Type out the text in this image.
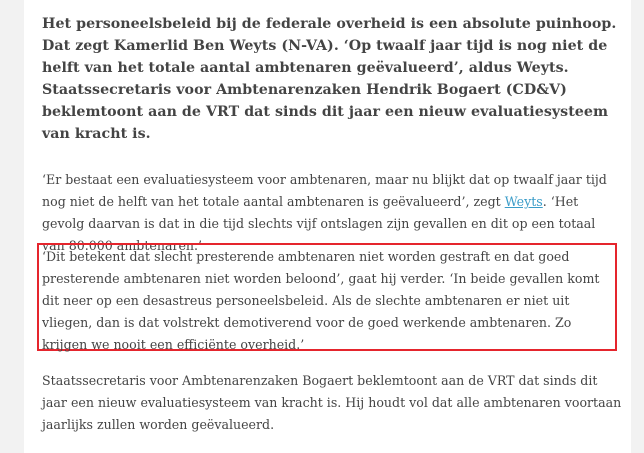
Het personeelsbeleid bij de federale overheid is een absolute puinhoop. Dat zegt Kamerlid Ben Weyts (N-VA). ‘Op twaalf jaar tijd is nog niet de helft van het totale aantal ambtenaren geëvalueerd’, aldus Weyts. Staatssecretaris voor Ambtenarenzaken Hendrik Bogaert (CD&V) beklemtoont aan de VRT dat sinds dit jaar een nieuw evaluatiesysteem van kracht is.

‘Er bestaat een evaluatiesysteem voor ambtenaren, maar nu blijkt dat op twaalf jaar tijd nog niet de helft van het totale aantal ambtenaren is geëvalueerd’, zegt Weyts. ‘Het gevolg daarvan is dat in die tijd slechts vijf ontslagen zijn gevallen en dit op een totaal van 80.000 ambtenaren.’

‘Dit betekent dat slecht presterende ambtenaren niet worden gestraft en dat goed presterende ambtenaren niet worden beloond’, gaat hij verder. ‘In beide gevallen komt dit neer op een desastreus personeelsbeleid. Als de slechte ambtenaren er niet uit vliegen, dan is dat volstrekt demotiverend voor de goed werkende ambtenaren. Zo krijgen we nooit een efficiënte overheid.’

Staatssecretaris voor Ambtenarenzaken Bogaert beklemtoont aan de VRT dat sinds dit jaar een nieuw evaluatiesysteem van kracht is. Hij houdt vol dat alle ambtenaren voortaan jaarlijks zullen worden geëvalueerd.
